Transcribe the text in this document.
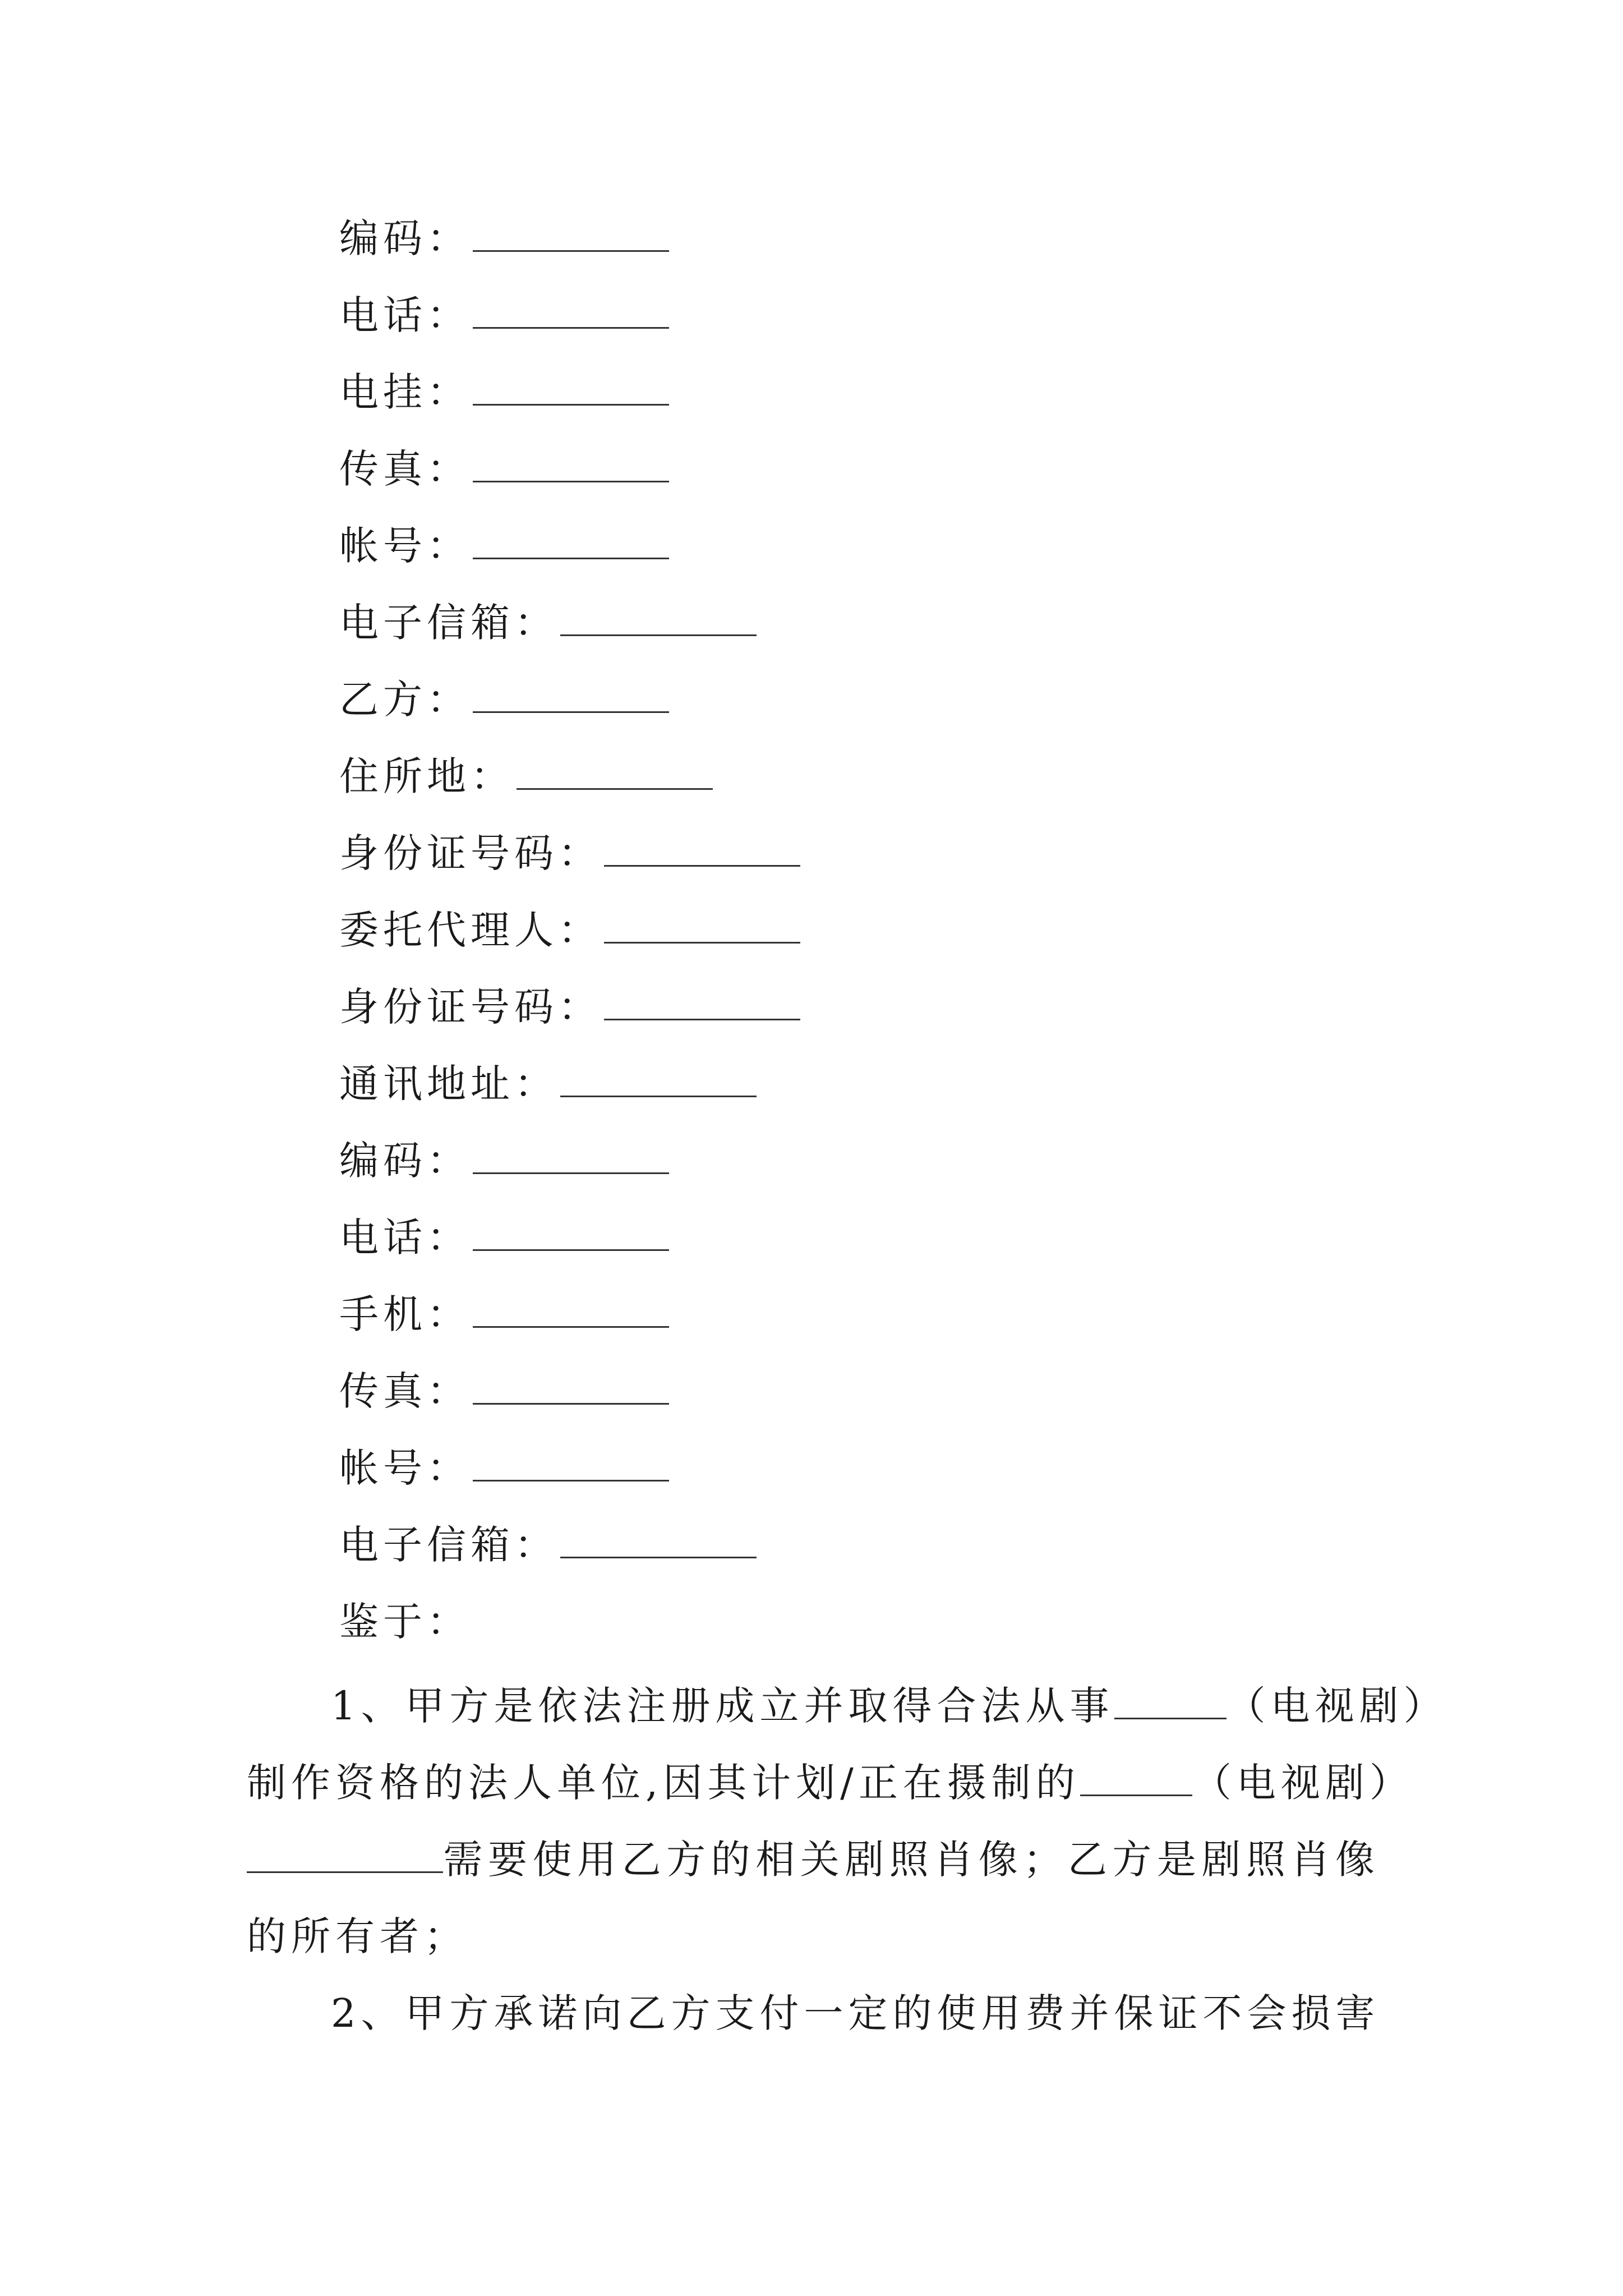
编码：
电话：
电挂：
传真：
帐号：
电子信箱：
乙方：
住所地：
身份证号码：
委托代理人：
身份证号码：
通讯地址：
编码：
电话：
手机：
传真：
帐号：
电子信箱：
鉴于：
1、甲方是依法注册成立并取得合法从事	（电视剧）
制作资格的法人单位,因其计划/正在摄制的	（电视剧）
需要使用乙方的相关剧照肖像；乙方是剧照肖像
的所有者；
2、甲方承诺向乙方支付一定的使用费并保证不会损害
